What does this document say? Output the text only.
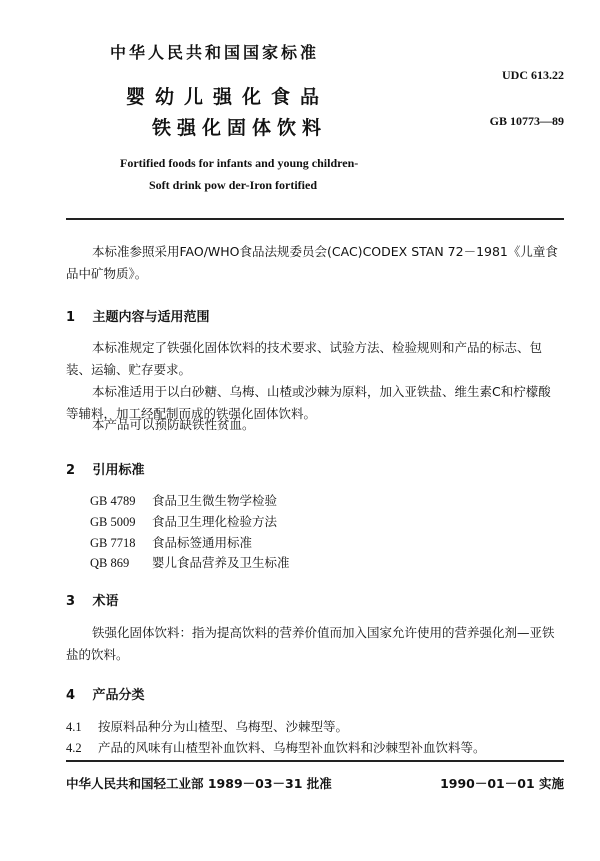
中华人民共和国国家标准
婴幼儿强化食品
铁强化固体饮料
UDC 613.22
GB 10773—89
Fortified foods for infants and young children-
Soft drink pow der-Iron fortified
本标准参照采用FAO/WHO食品法规委员会(CAC)CODEX STAN 72－1981《儿童食品中矿物质》。
1 主题内容与适用范围
本标准规定了铁强化固体饮料的技术要求、试验方法、检验规则和产品的标志、包装、运输、贮存要求。
本标准适用于以白砂糖、乌梅、山楂或沙棘为原料，加入亚铁盐、维生素C和柠檬酸等辅料，加工经配制而成的铁强化固体饮料。
本产品可以预防缺铁性贫血。
2 引用标准
GB 4789 食品卫生微生物学检验
GB 5009 食品卫生理化检验方法
GB 7718 食品标签通用标准
QB 869 婴儿食品营养及卫生标准
3 术语
铁强化固体饮料：指为提高饮料的营养价值而加入国家允许使用的营养强化剂—亚铁盐的饮料。
4 产品分类
4.1 按原料品种分为山楂型、乌梅型、沙棘型等。
4.2 产品的风味有山楂型补血饮料、乌梅型补血饮料和沙棘型补血饮料等。
中华人民共和国轻工业部 1989－03－31 批准	1990－01－01 实施
